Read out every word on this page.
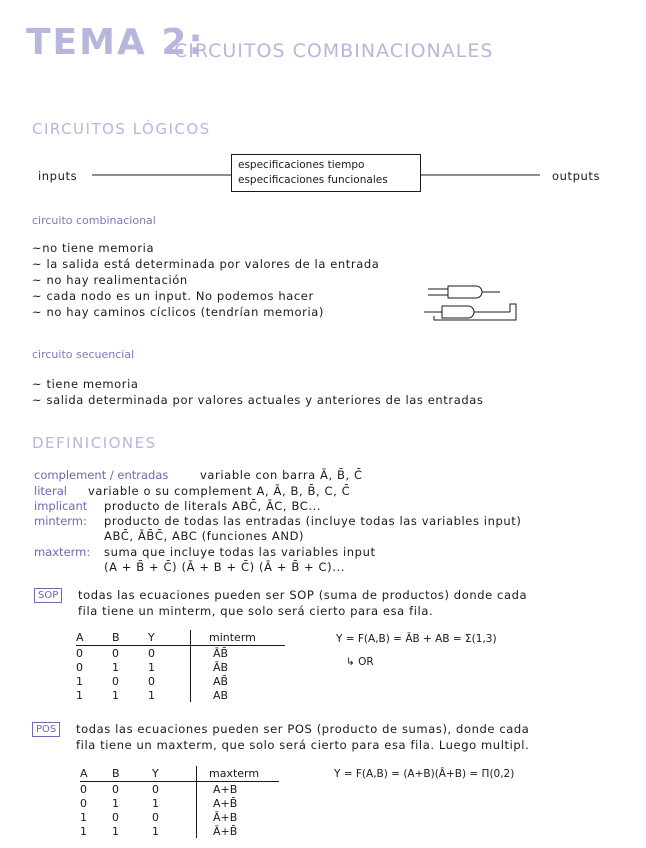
TEMA 2:
CIRCUITOS COMBINACIONALES
CIRCUITOS LÓGICOS
inputs
especificaciones tiempo
especificaciones funcionales	outputs
circuito combinacional
~no tiene memoria
~ la salida está determinada por valores de la entrada
~ no hay realimentación
~ cada nodo es un input. No podemos hacer
~ no hay caminos cíclicos (tendrían memoria)
circuito secuencial
~ tiene memoria
~ salida determinada por valores actuales y anteriores de las entradas
DEFINICIONES
complement / entradas	variable con barra Ā, B̄, C̄
literal variable o su complement A, Ā, B, B̄, C, C̄
implicant producto de literals ABC̄, ĀC, BC...
minterm: producto de todas las entradas (incluye todas las variables input)
ABC̄, ĀB̄C̄, ABC (funciones AND)
maxterm: suma que incluye todas las variables input
(A + B̄ + C̄) (Ā + B + C̄) (Ā + B̄ + C)...
SOP	todas las ecuaciones pueden ser SOP (suma de productos) donde cada
fila tiene un minterm, que solo será cierto para esa fila.
A	B	Y	minterm
0	0	0	ĀB̄
0	1	1	ĀB
1	0	0	AB̄
1	1	1	AB
Y = F(A,B) = ĀB + AB = Σ(1,3)
↳ OR
POS	todas las ecuaciones pueden ser POS (producto de sumas), donde cada
fila tiene un maxterm, que solo será cierto para esa fila. Luego multipl.
A	B	Y	maxterm
0	0	0	A+B
0	1	1	A+B̄
1	0	0	Ā+B
1	1	1	Ā+B̄
Y = F(A,B) = (A+B)(Ā+B) = Π(0,2)
